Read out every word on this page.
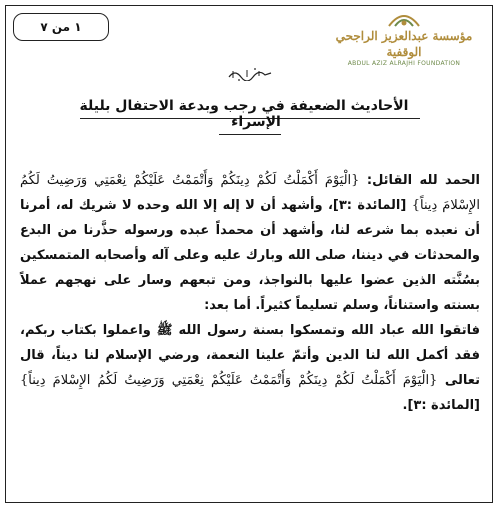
١ من ٧
مؤسسة عبدالعزيز الراجحي الوقفية
ABDUL AZIZ ALRAJHI FOUNDATION
الأحاديث الضعيفة في رجب وبدعة الاحتفال بليلة الإسراء

الحمد لله القائل: {الْيَوْمَ أَكْمَلْتُ لَكُمْ دِينَكُمْ وَأَتْمَمْتُ عَلَيْكُمْ نِعْمَتِي وَرَضِيتُ لَكُمُ الإِسْلامَ دِيناً} [المائدة :٣]، وأشهد أن لا إله إلا الله وحده لا شريك له، أمرنا أن نعبده بما شرعه لنا، وأشهد أن محمداً عبده ورسوله حذَّرنا من البدع والمحدثات في ديننا، صلى الله وبارك عليه وعلى آله وأصحابه المتمسكين بسُنَّته الذين عضوا عليها بالنواجذ، ومن تبعهم وسار على نهجهم عملاً بسنته واستناناً، وسلم تسليماً كثيراً. أما بعد:

فاتقوا الله عباد الله وتمسكوا بسنة رسول الله ﷺ واعملوا بكتاب ربكم، فقد أكمل الله لنا الدين وأتمّ علينا النعمة، ورضي الإسلام لنا ديناً، قال تعالى {الْيَوْمَ أَكْمَلْتُ لَكُمْ دِينَكُمْ وَأَتْمَمْتُ عَلَيْكُمْ نِعْمَتِي وَرَضِيتُ لَكُمُ الإِسْلامَ دِيناً} [المائدة :٣].
